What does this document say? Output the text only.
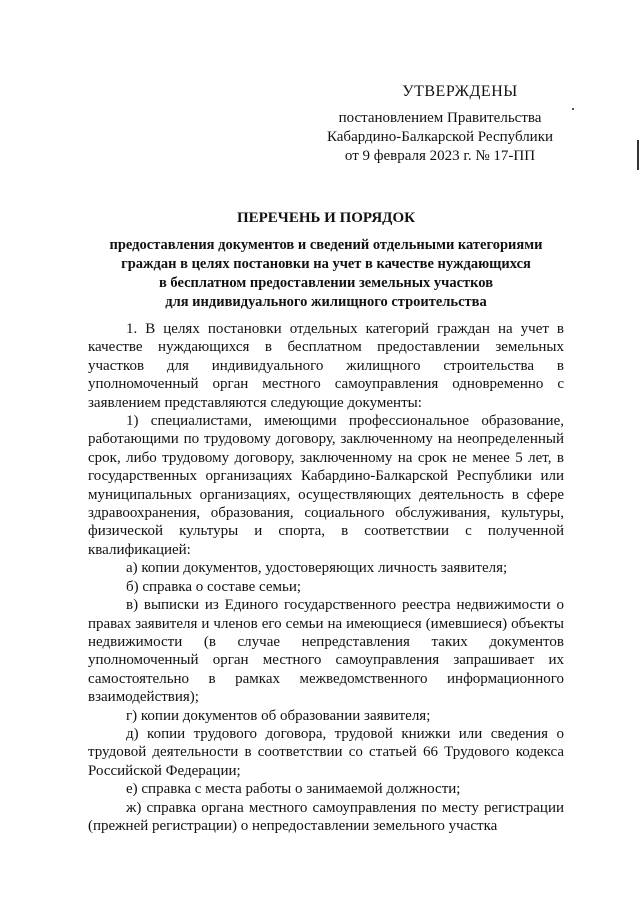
УТВЕРЖДЕНЫ
постановлением Правительства
Кабардино-Балкарской Республики
от 9 февраля 2023 г. № 17-ПП
ПЕРЕЧЕНЬ И ПОРЯДОК
предоставления документов и сведений отдельными категориями
граждан в целях постановки на учет в качестве нуждающихся
в бесплатном предоставлении земельных участков
для индивидуального жилищного строительства

1. В целях постановки отдельных категорий граждан на учет в качестве нуждающихся в бесплатном предоставлении земельных участков для индивидуального жилищного строительства в уполномоченный орган местного самоуправления одновременно с заявлением представляются следующие документы:

1) специалистами, имеющими профессиональное образование, работающими по трудовому договору, заключенному на неопределенный срок, либо трудовому договору, заключенному на срок не менее 5 лет, в государственных организациях Кабардино-Балкарской Республики или муниципальных организациях, осуществляющих деятельность в сфере здравоохранения, образования, социального обслуживания, культуры, физической культуры и спорта, в соответствии с полученной квалификацией:

а) копии документов, удостоверяющих личность заявителя;

б) справка о составе семьи;

в) выписки из Единого государственного реестра недвижимости о правах заявителя и членов его семьи на имеющиеся (имевшиеся) объекты недвижимости (в случае непредставления таких документов уполномоченный орган местного самоуправления запрашивает их самостоятельно в рамках межведомственного информационного взаимодействия);

г) копии документов об образовании заявителя;

д) копии трудового договора, трудовой книжки или сведения о трудовой деятельности в соответствии со статьей 66 Трудового кодекса Российской Федерации;

е) справка с места работы о занимаемой должности;

ж) справка органа местного самоуправления по месту регистрации (прежней регистрации) о непредоставлении земельного участка
